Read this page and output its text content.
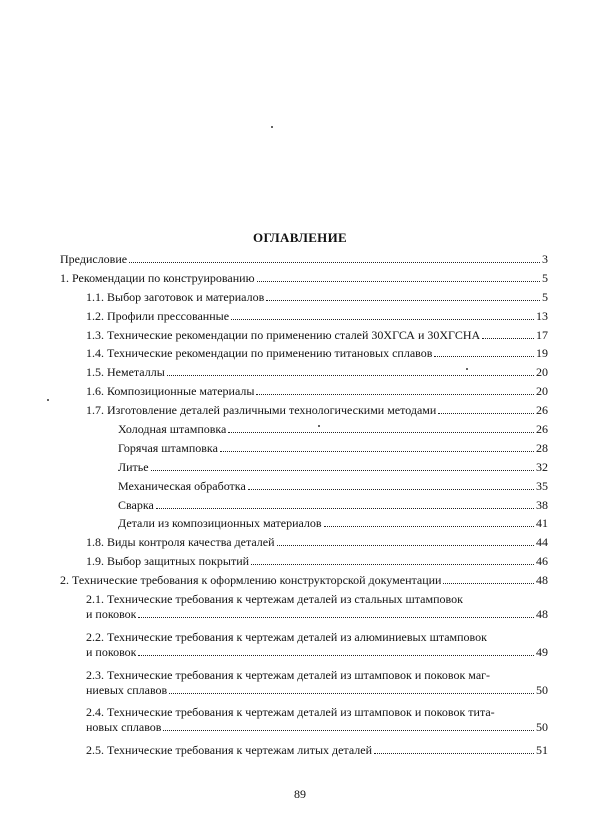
ОГЛАВЛЕНИЕ
Предисловие	3
1. Рекомендации по конструированию	5
1.1. Выбор заготовок и материалов	5
1.2. Профили прессованные	13
1.3. Технические рекомендации по применению сталей 30ХГСА и 30ХГСНА	17
1.4. Технические рекомендации по применению титановых сплавов	19
1.5. Неметаллы	20
1.6. Композиционные материалы	20
1.7. Изготовление деталей различными технологическими методами	26
Холодная штамповка	26
Горячая штамповка	28
Литье	32
Механическая обработка	35
Сварка	38
Детали из композиционных материалов	41
1.8. Виды контроля качества деталей	44
1.9. Выбор защитных покрытий	46
2. Технические требования к оформлению конструкторской документации	48
2.1. Технические требования к чертежам деталей из стальных штамповок
и поковок	48
2.2. Технические требования к чертежам деталей из алюминиевых штамповок
и поковок	49
2.3. Технические требования к чертежам деталей из штамповок и поковок маг-
ниевых сплавов	50
2.4. Технические требования к чертежам деталей из штамповок и поковок тита-
новых сплавов	50
2.5. Технические требования к чертежам литых деталей	51
89
